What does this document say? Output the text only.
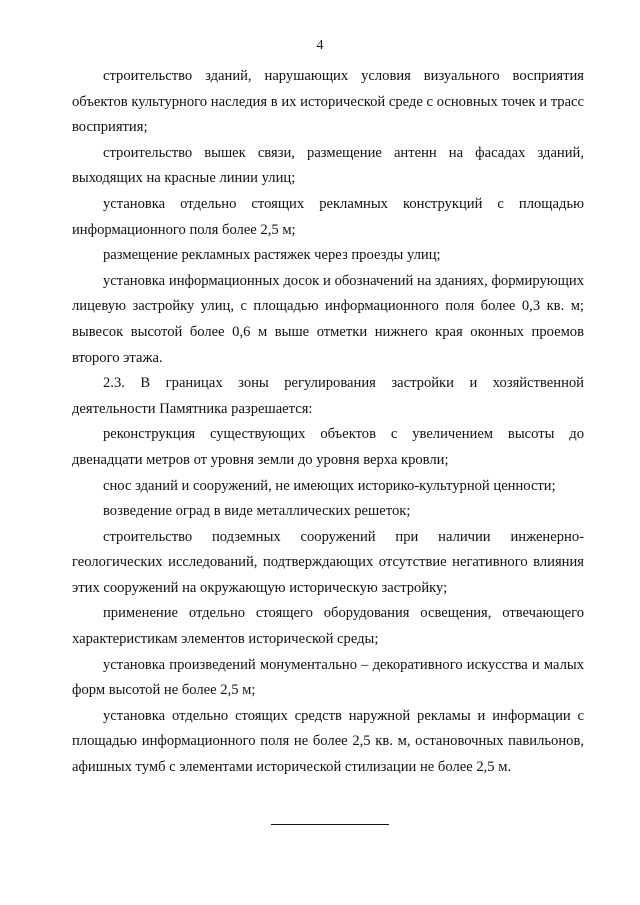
4

строительство зданий, нарушающих условия визуального восприятия объектов культурного наследия в их исторической среде с основных точек и трасс восприятия;

строительство вышек связи, размещение антенн на фасадах зданий, выходящих на красные линии улиц;

установка отдельно стоящих рекламных конструкций с площадью информационного поля более 2,5 м;

размещение рекламных растяжек через проезды улиц;

установка информационных досок и обозначений на зданиях, формирующих лицевую застройку улиц, с площадью информационного поля более 0,3 кв. м; вывесок высотой более 0,6 м выше отметки нижнего края оконных проемов второго этажа.

2.3. В границах зоны регулирования застройки и хозяйственной деятельности Памятника разрешается:

реконструкция существующих объектов с увеличением высоты до двенадцати метров от уровня земли до уровня верха кровли;

снос зданий и сооружений, не имеющих историко-культурной ценности;

возведение оград в виде металлических решеток;

строительство подземных сооружений при наличии инженерно-геологических исследований, подтверждающих отсутствие негативного влияния этих сооружений на окружающую историческую застройку;

применение отдельно стоящего оборудования освещения, отвечающего характеристикам элементов исторической среды;

установка произведений монументально – декоративного искусства и малых форм высотой не более 2,5 м;

установка отдельно стоящих средств наружной рекламы и информации с площадью информационного поля не более 2,5 кв. м, остановочных павильонов, афишных тумб с элементами исторической стилизации не более 2,5 м.
